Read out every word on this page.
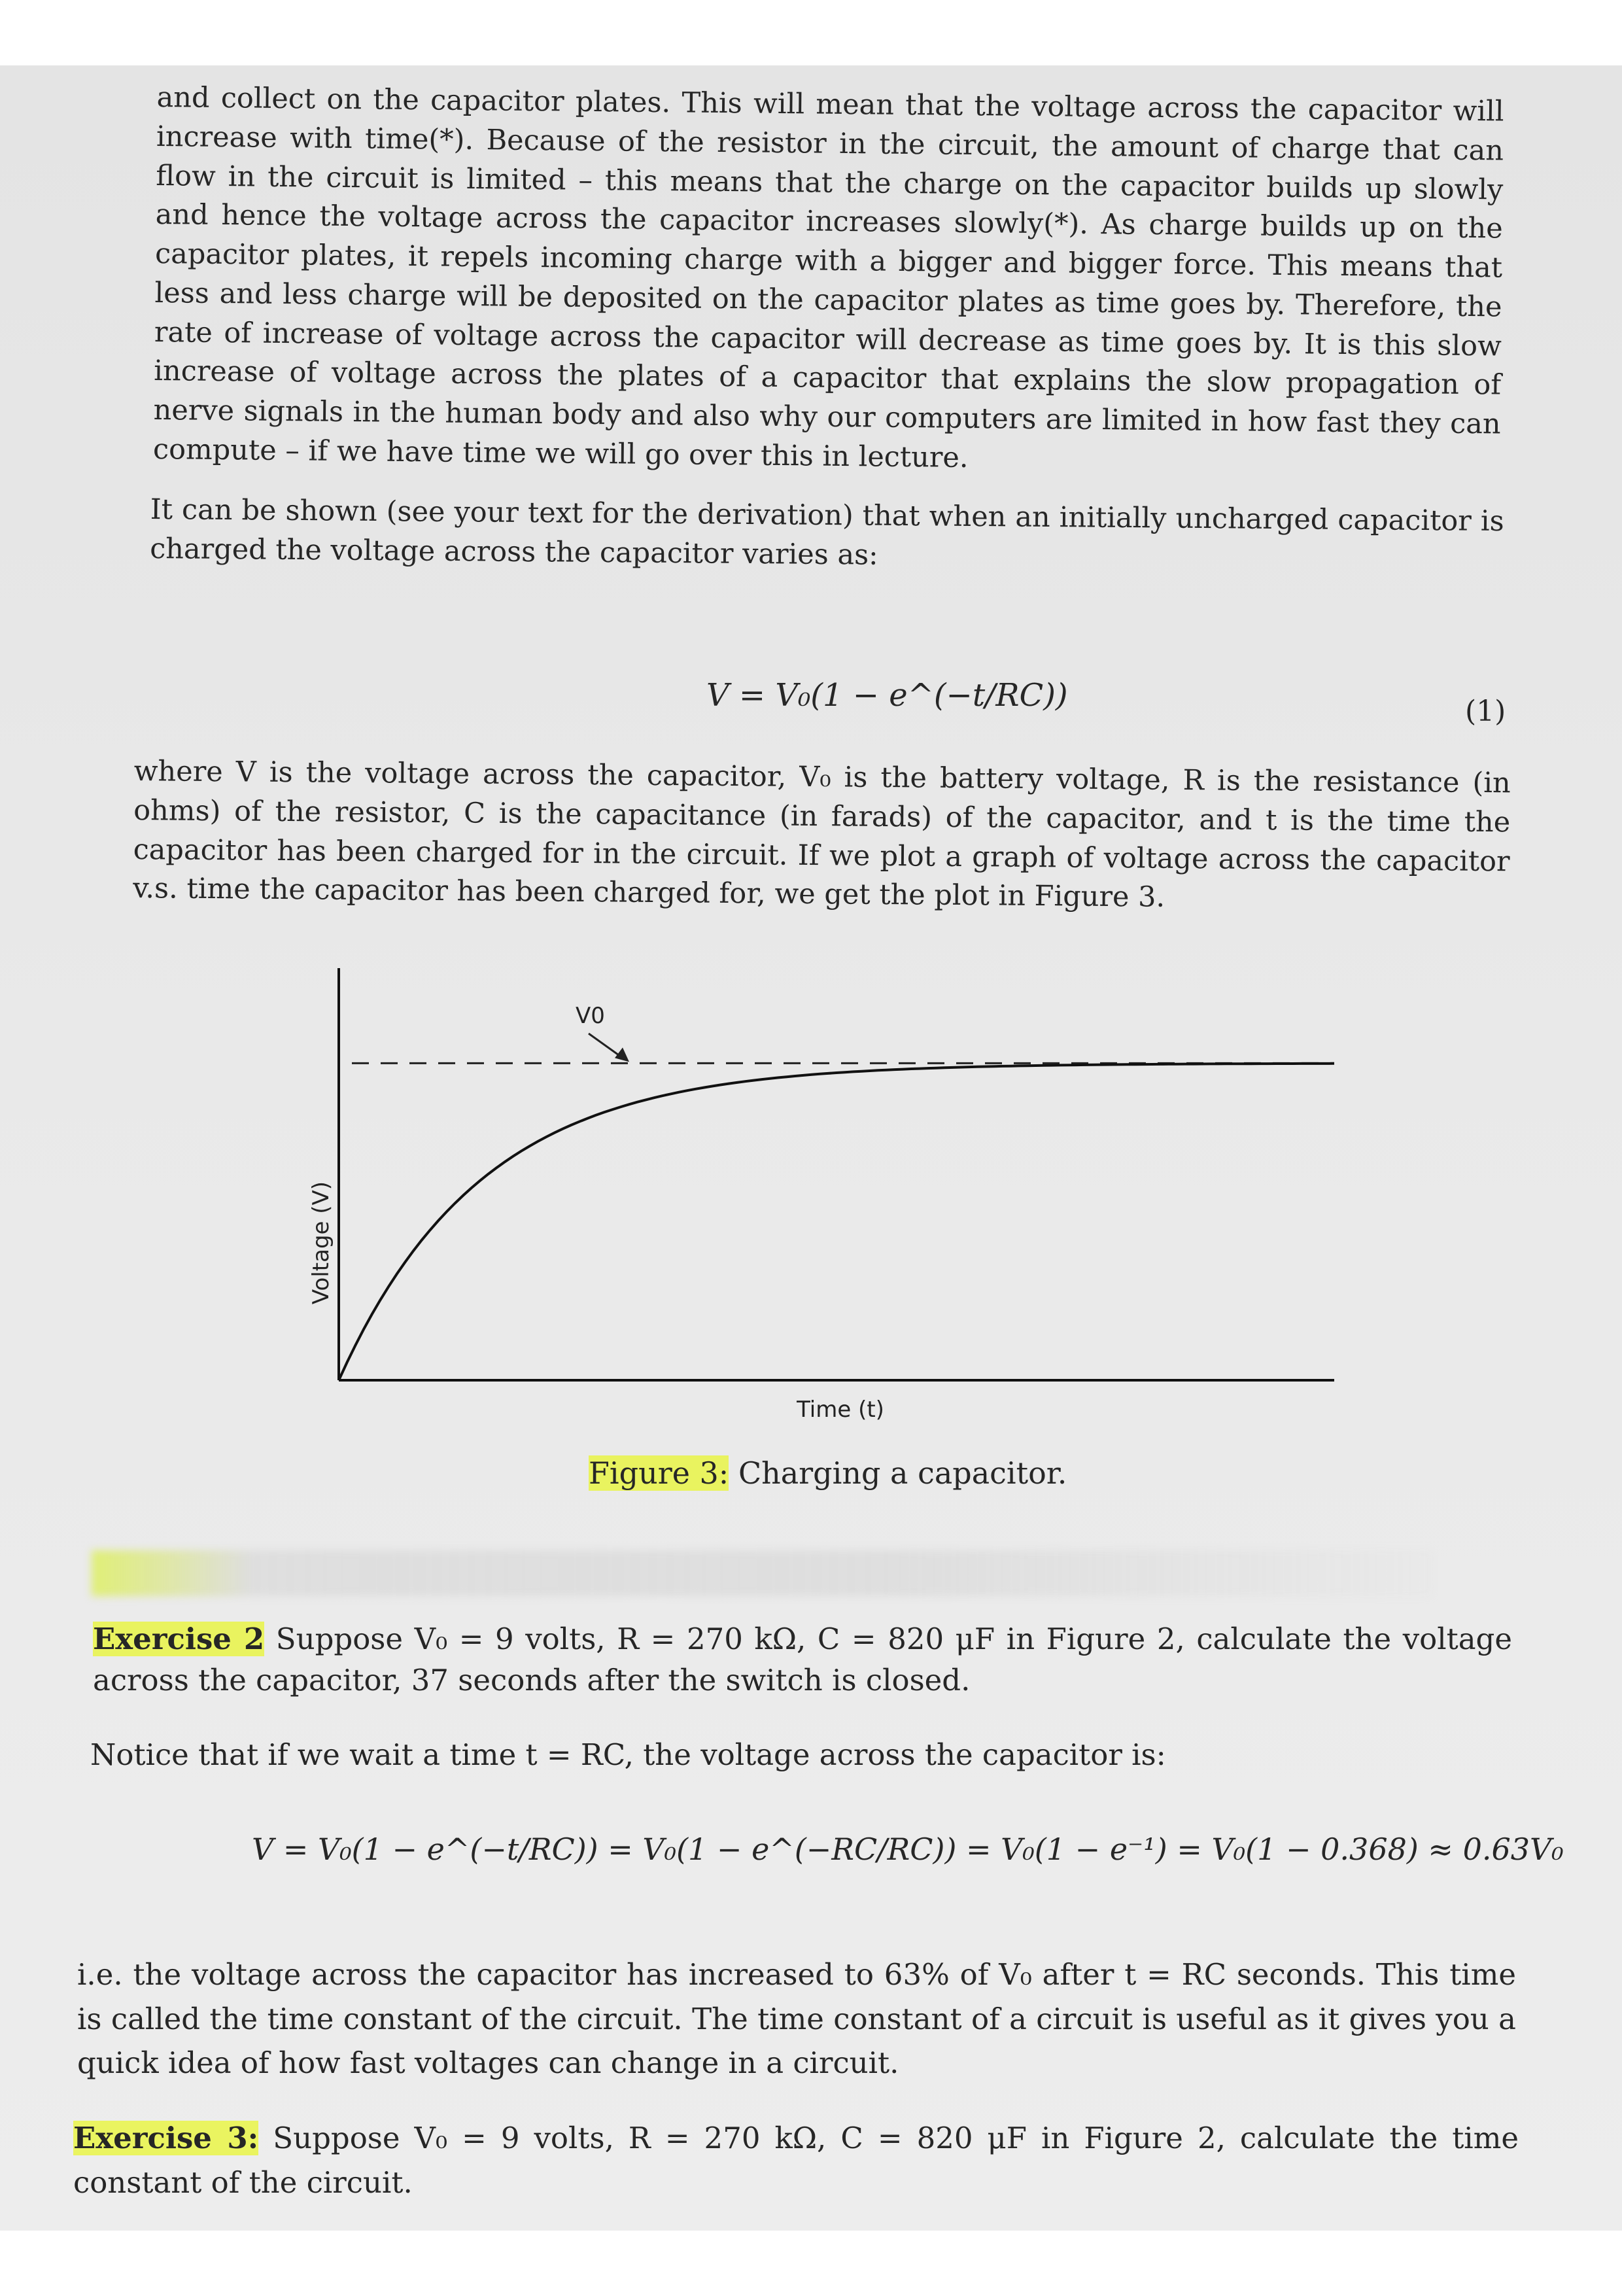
and collect on the capacitor plates. This will mean that the voltage across the capacitor will increase with time(*). Because of the resistor in the circuit, the amount of charge that can flow in the circuit is limited – this means that the charge on the capacitor builds up slowly and hence the voltage across the capacitor increases slowly(*). As charge builds up on the capacitor plates, it repels incoming charge with a bigger and bigger force. This means that less and less charge will be deposited on the capacitor plates as time goes by. Therefore, the rate of increase of voltage across the capacitor will decrease as time goes by. It is this slow increase of voltage across the plates of a capacitor that explains the slow propagation of nerve signals in the human body and also why our computers are limited in how fast they can compute – if we have time we will go over this in lecture.

It can be shown (see your text for the derivation) that when an initially uncharged capacitor is charged the voltage across the capacitor varies as:

V = V₀(1 − e^(−t/RC))	(1)

where V is the voltage across the capacitor, V₀ is the battery voltage, R is the resistance (in ohms) of the resistor, C is the capacitance (in farads) of the capacitor, and t is the time the capacitor has been charged for in the circuit. If we plot a graph of voltage across the capacitor v.s. time the capacitor has been charged for, we get the plot in Figure 3.

Voltage (V)
Time (t)
V0
Figure 3: Charging a capacitor.

Exercise 2 Suppose V₀ = 9 volts, R = 270 kΩ, C = 820 μF in Figure 2, calculate the voltage across the capacitor, 37 seconds after the switch is closed.

Notice that if we wait a time t = RC, the voltage across the capacitor is:

V = V₀(1 − e^(−t/RC)) = V₀(1 − e^(−RC/RC)) = V₀(1 − e⁻¹) = V₀(1 − 0.368) ≈ 0.63V₀

i.e. the voltage across the capacitor has increased to 63% of V₀ after t = RC seconds. This time is called the time constant of the circuit. The time constant of a circuit is useful as it gives you a quick idea of how fast voltages can change in a circuit.

Exercise 3: Suppose V₀ = 9 volts, R = 270 kΩ, C = 820 μF in Figure 2, calculate the time constant of the circuit.
